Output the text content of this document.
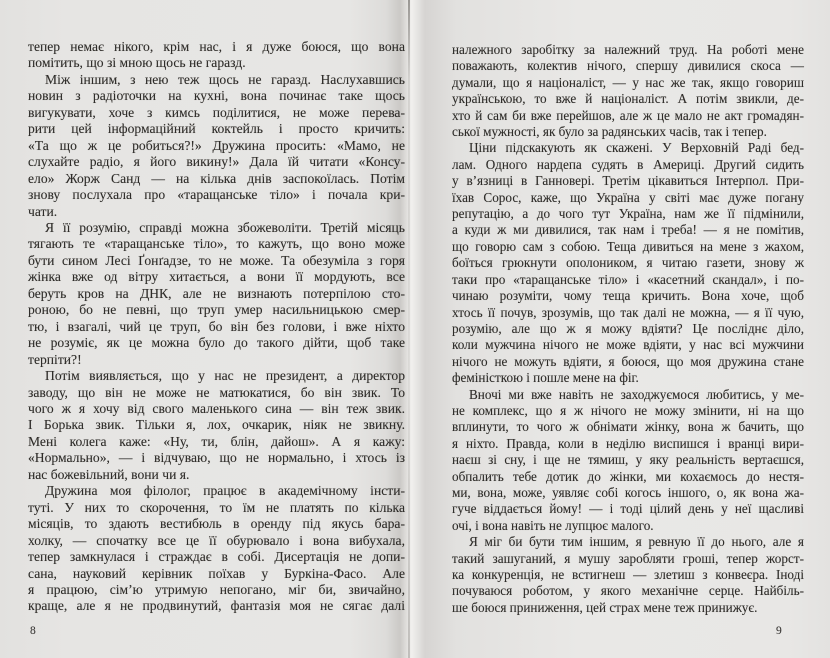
тепер немає нікого, крім нас, і я дуже боюся, що вона
помітить, що зі мною щось не гаразд.
Між іншим, з нею теж щось не гаразд. Наслухавшись
новин з радіоточки на кухні, вона починає таке щось
вигукувати, хоче з кимсь поділитися, не може перева-
рити цей інформаційний коктейль і просто кричить:
«Та що ж це робиться?!» Дружина просить: «Мамо, не
слухайте радіо, я його викину!» Дала їй читати «Консу-
ело» Жорж Санд — на кілька днів заспокоїлась. Потім
знову послухала про «таращанське тіло» і почала кри-
чати.
Я її розумію, справді можна збожеволіти. Третій місяць
тягають те «таращанське тіло», то кажуть, що воно може
бути сином Лесі Ґонґадзе, то не може. Та обезуміла з горя
жінка вже од вітру хитається, а вони її мордують, все
беруть кров на ДНК, але не визнають потерпілою сто-
роною, бо не певні, що труп умер насильницькою смер-
тю, і взагалі, чий це труп, бо він без голови, і вже ніхто
не розуміє, як це можна було до такого дійти, щоб таке
терпіти?!
Потім виявляється, що у нас не президент, а директор
заводу, що він не може не матюкатися, бо він звик. То
чого ж я хочу від свого маленького сина — він теж звик.
І Борька звик. Тільки я, лох, очкарик, ніяк не звикну.
Мені колега каже: «Ну, ти, блін, дайош». А я кажу:
«Нормально», — і відчуваю, що не нормально, і хтось із
нас божевільний, вони чи я.
Дружина моя філолог, працює в академічному інсти-
туті. У них то скорочення, то їм не платять по кілька
місяців, то здають вестибюль в оренду під якусь бара-
холку, — спочатку все це її обурювало і вона вибухала,
тепер замкнулася і страждає в собі. Дисертація не допи-
сана, науковий керівник поїхав у Буркіна-Фасо. Але
я працюю, сім’ю утримую непогано, міг би, звичайно,
краще, але я не продвинутий, фантазія моя не сягає далі
належного заробітку за належний труд. На роботі мене
поважають, колектив нічого, спершу дивилися скоса —
думали, що я націоналіст, — у нас же так, якщо говориш
українською, то вже й націоналіст. А потім звикли, де-
хто й сам би вже перейшов, але ж це мало не акт громадян-
ської мужності, як було за радянських часів, так і тепер.
Ціни підскакують як скажені. У Верховній Раді бед-
лам. Одного нардепа судять в Америці. Другий сидить
у в’язниці в Ганновері. Третім цікавиться Інтерпол. При-
їхав Сорос, каже, що Україна у світі має дуже погану
репутацію, а до чого тут Україна, нам же її підмінили,
а куди ж ми дивилися, так нам і треба! — я не помітив,
що говорю сам з собою. Теща дивиться на мене з жахом,
боїться грюкнути ополоником, я читаю газети, знову ж
таки про «таращанське тіло» і «касетний скандал», і по-
чинаю розуміти, чому теща кричить. Вона хоче, щоб
хтось її почув, зрозумів, що так далі не можна, — я її чую,
розумію, але що ж я можу вдіяти? Це посліднє діло,
коли мужчина нічого не може вдіяти, у нас всі мужчини
нічого не можуть вдіяти, я боюся, що моя дружина стане
феміністкою і пошле мене на фіг.
Вночі ми вже навіть не заходжуємося любитись, у ме-
не комплекс, що я ж нічого не можу змінити, ні на що
вплинути, то чого ж обнімати жінку, вона ж бачить, що
я ніхто. Правда, коли в неділю виспишся і вранці вири-
наєш зі сну, і ще не тямиш, у яку реальність вертаєшся,
обпалить тебе дотик до жінки, ми кохаємось до нестя-
ми, вона, може, уявляє собі когось іншого, о, як вона жа-
гуче віддається йому! — і тоді цілий день у неї щасливі
очі, і вона навіть не лупцює малого.
Я міг би бути тим іншим, я ревную її до нього, але я
такий зашуганий, я мушу заробляти гроші, тепер жорст-
ка конкуренція, не встигнеш — злетиш з конвеєра. Іноді
почуваюся роботом, у якого механічне серце. Найбіль-
ше боюся приниження, цей страх мене теж принижує.
8	9
